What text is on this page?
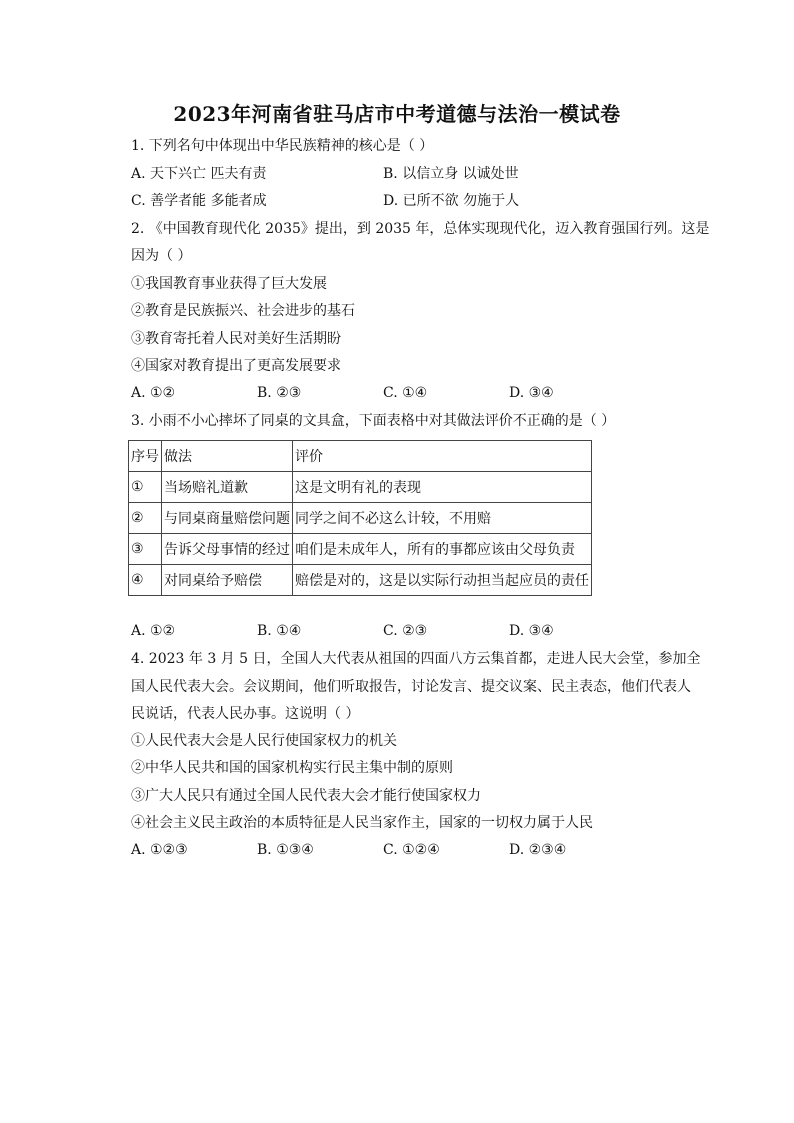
2023年河南省驻马店市中考道德与法治一模试卷
1. 下列名句中体现出中华民族精神的核心是（ ）
A. 天下兴亡 匹夫有责	B. 以信立身 以诚处世
C. 善学者能 多能者成	D. 已所不欲 勿施于人
2. 《中国教育现代化 2035》提出，到 2035 年，总体实现现代化，迈入教育强国行列。这是
因为（ ）
①我国教育事业获得了巨大发展
②教育是民族振兴、社会进步的基石
③教育寄托着人民对美好生活期盼
④国家对教育提出了更高发展要求
A. ①②	B. ②③	C. ①④	D. ③④
3. 小雨不小心摔坏了同桌的文具盒，下面表格中对其做法评价不正确的是（ ）
序号	做法	评价
①	当场赔礼道歉	这是文明有礼的表现
②	与同桌商量赔偿问题	同学之间不必这么计较，不用赔
③	告诉父母事情的经过	咱们是未成年人，所有的事都应该由父母负责
④	对同桌给予赔偿	赔偿是对的，这是以实际行动担当起应员的责任
A. ①②	B. ①④	C. ②③	D. ③④
4. 2023 年 3 月 5 日，全国人大代表从祖国的四面八方云集首都，走进人民大会堂，参加全
国人民代表大会。会议期间，他们听取报告，讨论发言、提交议案、民主表态，他们代表人
民说话，代表人民办事。这说明（ ）
①人民代表大会是人民行使国家权力的机关
②中华人民共和国的国家机构实行民主集中制的原则
③广大人民只有通过全国人民代表大会才能行使国家权力
④社会主义民主政治的本质特征是人民当家作主，国家的一切权力属于人民
A. ①②③	B. ①③④	C. ①②④	D. ②③④
